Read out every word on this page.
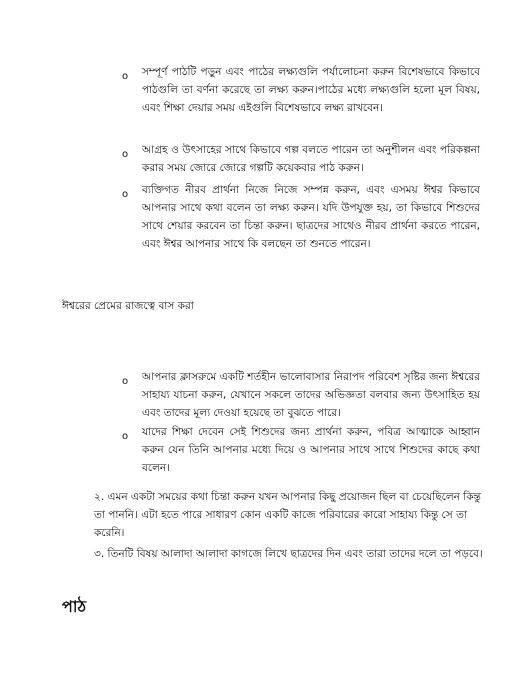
o	সম্পূর্ণ পাঠটি পড়ুন এবং পাঠের লক্ষ্যগুলি পর্যালোচনা করুন বিশেষভাবে কিভাবে পাঠগুলি তা বর্ণনা করেছে তা লক্ষ্য করুন।পাঠের মধ্যে লক্ষ্যগুলি হলো মূল বিষয়, এবং শিক্ষা দেয়ার সময় এইগুলি বিশেষভাবে লক্ষ্য রাখবেন।

o	আগ্রহ ও উৎসাহের সাথে কিভাবে গল্প বলতে পারেন তা অনুশীলন এবং পরিকল্পনা করার সময় জোরে জোরে গল্পটি কয়েকবার পাঠ করুন।

o	ব্যক্তিগত নীরব প্রার্থনা নিজে নিজে সম্পন্ন করুন, এবং এসময় ঈশ্বর কিভাবে আপনার সাথে কথা বলেন তা লক্ষ্য করুন। যদি উপযুক্ত হয়, তা কিভাবে শিশুদের সাথে শেয়ার করবেন তা চিন্তা করুন। ছাত্রদের সাথেও নীরব প্রার্থনা করতে পারেন, এবং ঈশ্বর আপনার সাথে কি বলছেন তা শুনতে পারেন।

ঈশ্বরের প্রেমের রাজত্বে বাস করা

o	আপনার ক্লাসরুমে একটি শর্তহীন ভালোবাসার নিরাপদ পরিবেশ সৃষ্টির জন্য ঈশ্বরের সাহায্য যাচনা করুন, যেখানে সকলে তাদের অভিজ্ঞতা বলবার জন্য উৎসাহিত হয় এবং তাদের মূল্য দেওয়া হয়েছে তা বুঝতে পারে।

o	যাদের শিক্ষা দেবেন সেই শিশুদের জন্য প্রার্থনা করুন, পবিত্র আত্মাকে আহ্বান করুন যেন তিনি আপনার মধ্যে দিয়ে ও আপনার সাথে সাথে শিশুদের কাছে কথা বলেন।

২. এমন একটা সময়ের কথা চিন্তা করুন যখন আপনার কিছু প্রয়োজন ছিল বা চেয়েছিলেন কিন্তু তা পাননি। এটা হতে পারে সাধারণ কোন একটি কাজে পরিবারের কারো সাহায্য কিন্তু সে তা করেনি।

৩. তিনটি বিষয় আলাদা আলাদা কাগজে লিখে ছাত্রদের দিন এবং তারা তাদের দলে তা পড়বে।

পাঠ
